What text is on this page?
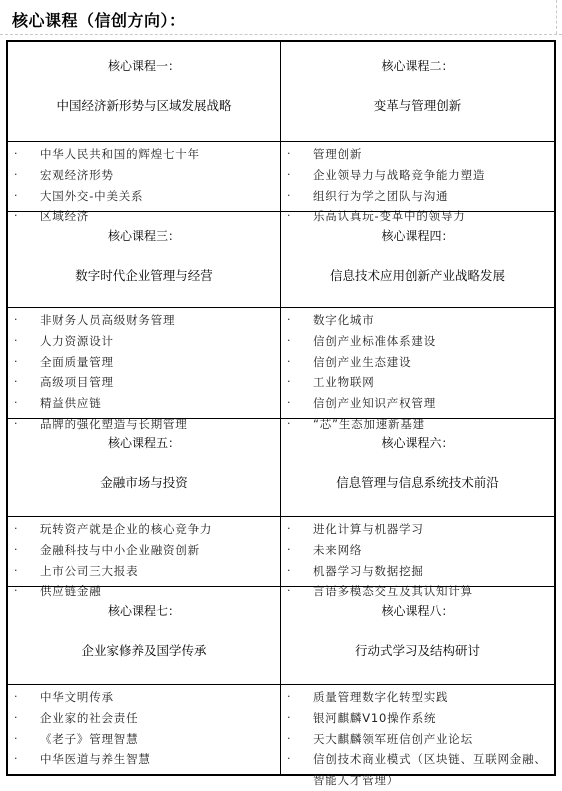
核心课程（信创方向）：
核心课程一：
中国经济新形势与区域发展战略
· 中华人民共和国的辉煌七十年
· 宏观经济形势
· 大国外交-中美关系
· 区域经济
核心课程二：
变革与管理创新
· 管理创新
· 企业领导力与战略竞争能力塑造
· 组织行为学之团队与沟通
· 乐高认真玩-变革中的领导力
核心课程三：
数字时代企业管理与经营
· 非财务人员高级财务管理
· 人力资源设计
· 全面质量管理
· 高级项目管理
· 精益供应链
· 品牌的强化塑造与长期管理
核心课程四：
信息技术应用创新产业战略发展
· 数字化城市
· 信创产业标准体系建设
· 信创产业生态建设
· 工业物联网
· 信创产业知识产权管理
· “芯”生态加速新基建
核心课程五：
金融市场与投资
· 玩转资产就是企业的核心竞争力
· 金融科技与中小企业融资创新
· 上市公司三大报表
· 供应链金融
核心课程六：
信息管理与信息系统技术前沿
· 进化计算与机器学习
· 未来网络
· 机器学习与数据挖掘
· 言语多模态交互及其认知计算
核心课程七：
企业家修养及国学传承
· 中华文明传承
· 企业家的社会责任
· 《老子》管理智慧
· 中华医道与养生智慧
核心课程八：
行动式学习及结构研讨
· 质量管理数字化转型实践
· 银河麒麟V10操作系统
· 天大麒麟领军班信创产业论坛
· 信创技术商业模式（区块链、互联网金融、智能人才管理）
